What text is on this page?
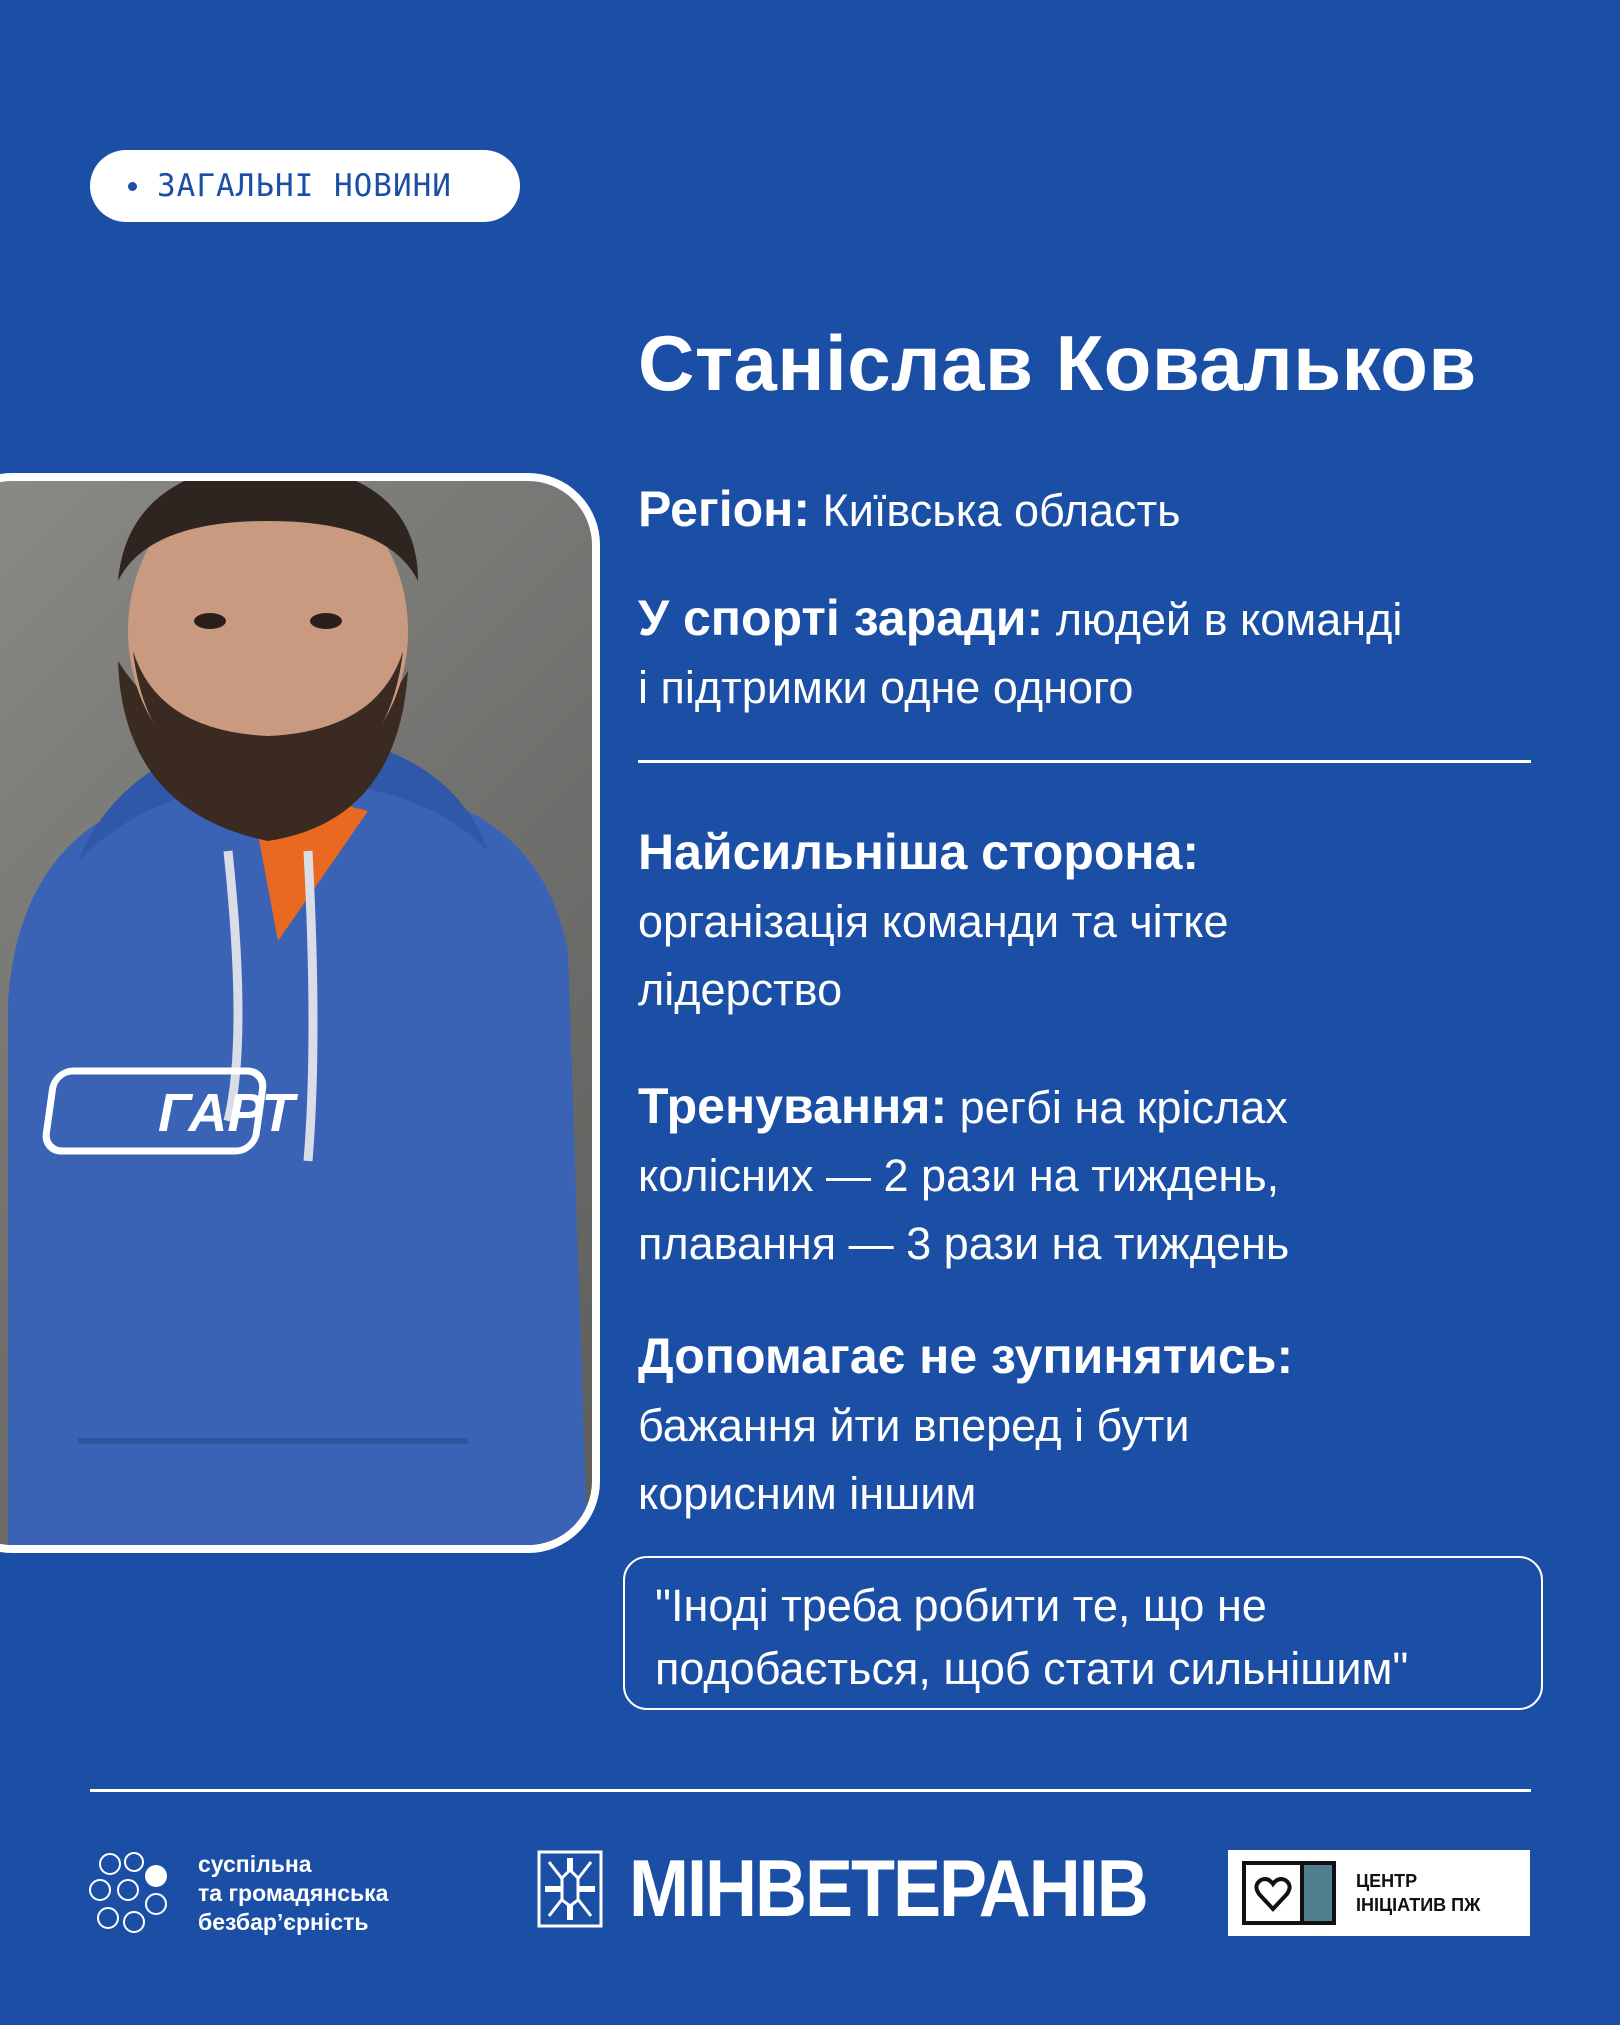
ЗАГАЛЬНІ НОВИНИ
Станіслав Ковальков
ГАРТ
Регіон: Київська область
У спорті заради: людей в команді
і підтримки одне одного
Найсильніша сторона:
організація команди та чітке
лідерство
Тренування: регбі на кріслах
колісних — 2 рази на тиждень,
плавання — 3 рази на тиждень
Допомагає не зупинятись:
бажання йти вперед і бути
корисним іншим
"Іноді треба робити те, що не
подобається, щоб стати сильнішим"
суспільна
та громадянська
безбар’єрність	МІНВЕТЕРАНІВ	ЦЕНТР
ІНІЦІАТИВ ПЖ
